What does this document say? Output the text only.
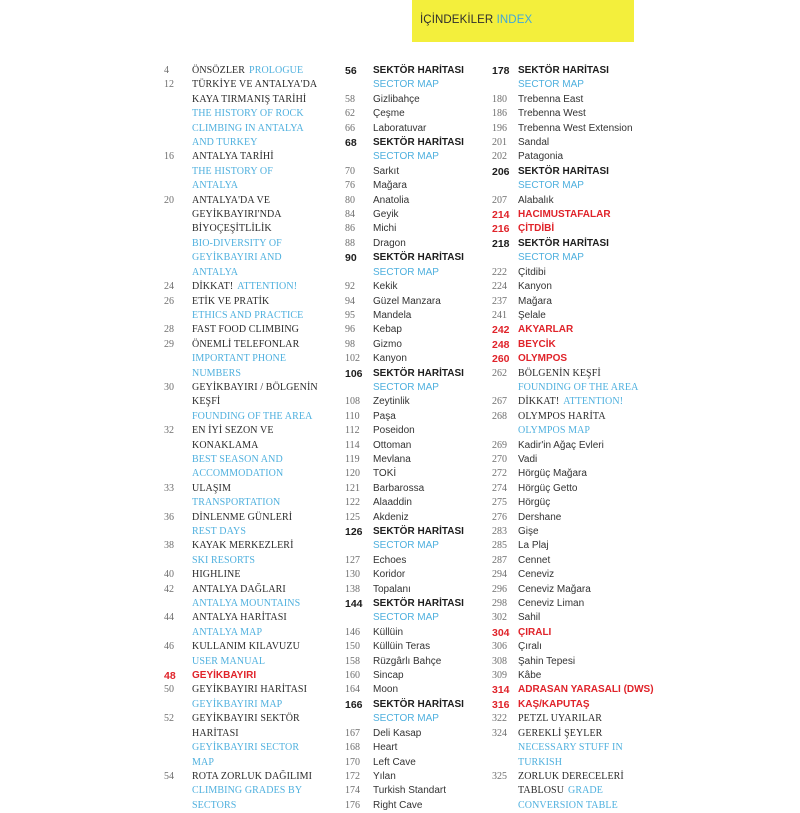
İÇİNDEKİLER INDEX
4	ÖNSÖZLER PROLOGUE
12	TÜRKİYE VE ANTALYA'DA
KAYA TIRMANIŞ TARİHİ
THE HISTORY OF ROCK
CLIMBING IN ANTALYA
AND TURKEY
16	ANTALYA TARİHİ
THE HISTORY OF
ANTALYA
20	ANTALYA'DA VE
GEYİKBAYIRI'NDA
BİYOÇEŞİTLİLİK
BIO-DIVERSITY OF
GEYİKBAYIRI AND
ANTALYA
24	DİKKAT! ATTENTION!
26	ETİK VE PRATİK
ETHICS AND PRACTICE
28	FAST FOOD CLIMBING
29	ÖNEMLİ TELEFONLAR
IMPORTANT PHONE
NUMBERS
30	GEYİKBAYIRI / BÖLGENİN
KEŞFİ
FOUNDING OF THE AREA
32	EN İYİ SEZON VE
KONAKLAMA
BEST SEASON AND
ACCOMMODATION
33	ULAŞIM
TRANSPORTATION
36	DİNLENME GÜNLERİ
REST DAYS
38	KAYAK MERKEZLERİ
SKI RESORTS
40	HIGHLINE
42	ANTALYA DAĞLARI
ANTALYA MOUNTAINS
44	ANTALYA HARİTASI
ANTALYA MAP
46	KULLANIM KILAVUZU
USER MANUAL
48	GEYİKBAYIRI
50	GEYİKBAYIRI HARİTASI
GEYİKBAYIRI MAP
52	GEYİKBAYIRI SEKTÖR
HARİTASI
GEYİKBAYIRI SECTOR
MAP
54	ROTA ZORLUK DAĞILIMI
CLIMBING GRADES BY
SECTORS
56	SEKTÖR HARİTASI
SECTOR MAP
58	Gizlibahçe
62	Çeşme
66	Laboratuvar
68	SEKTÖR HARİTASI
SECTOR MAP
70	Sarkıt
76	Mağara
80	Anatolia
84	Geyik
86	Michi
88	Dragon
90	SEKTÖR HARİTASI
SECTOR MAP
92	Kekik
94	Güzel Manzara
95	Mandela
96	Kebap
98	Gizmo
102	Kanyon
106	SEKTÖR HARİTASI
SECTOR MAP
108	Zeytinlik
110	Paşa
112	Poseidon
114	Ottoman
119	Mevlana
120	TOKİ
121	Barbarossa
122	Alaaddin
125	Akdeniz
126	SEKTÖR HARİTASI
SECTOR MAP
127	Echoes
130	Koridor
138	Topalanı
144	SEKTÖR HARİTASI
SECTOR MAP
146	Küllüin
150	Küllüin Teras
158	Rüzgârlı Bahçe
160	Sincap
164	Moon
166	SEKTÖR HARİTASI
SECTOR MAP
167	Deli Kasap
168	Heart
170	Left Cave
172	Yılan
174	Turkish Standart
176	Right Cave
178 SEKTÖR HARİTASI
SECTOR MAP
180	Trebenna East
186	Trebenna West
196	Trebenna West Extension
201	Sandal
202	Patagonia
206 SEKTÖR HARİTASI
SECTOR MAP
207	Alabalık
214 HACIMUSTAFALAR
216 ÇİTDİBİ
218 SEKTÖR HARİTASI
SECTOR MAP
222	Çitdibi
224	Kanyon
237	Mağara
241	Şelale
242 AKYARLAR
248 BEYCİK
260 OLYMPOS
262	BÖLGENİN KEŞFİ
FOUNDING OF THE AREA
267	DİKKAT! ATTENTION!
268	OLYMPOS HARİTA
OLYMPOS MAP
269	Kadir'in Ağaç Evleri
270	Vadi
272	Hörgüç Mağara
274	Hörgüç Getto
275	Hörgüç
276	Dershane
283	Gişe
285	La Plaj
287	Cennet
294	Ceneviz
296	Ceneviz Mağara
298	Ceneviz Liman
302	Sahil
304 ÇIRALI
306	Çıralı
308	Şahin Tepesi
309	Kâbe
314 ADRASAN YARASALI (DWS)
316 KAŞ/KAPUTAŞ
322	PETZL UYARILAR
324	GEREKLİ ŞEYLER
NECESSARY STUFF IN
TURKISH
325	ZORLUK DERECELERİ
TABLOSU GRADE
CONVERSION TABLE
